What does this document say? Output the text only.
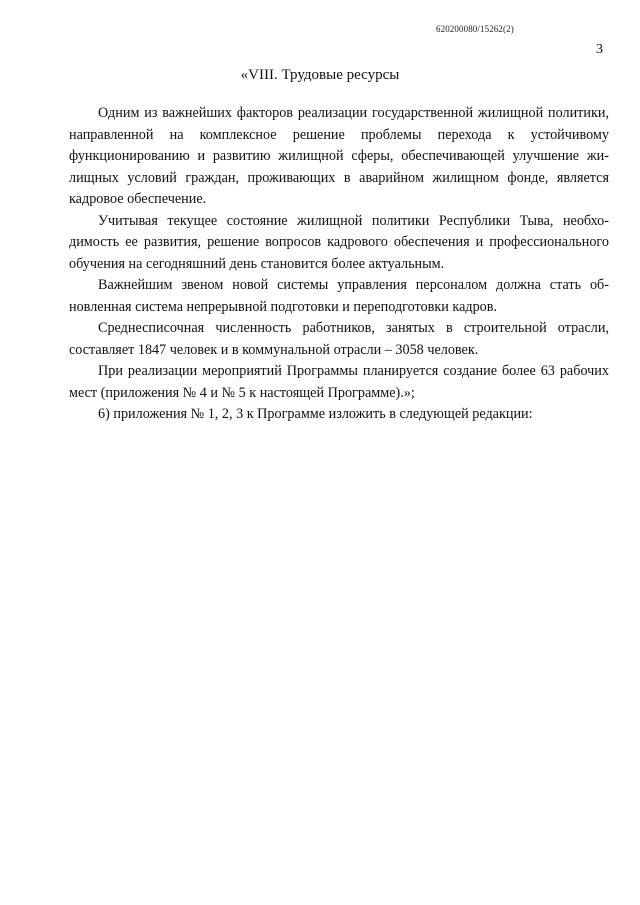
620200080/15262(2)
3
«VIII. Трудовые ресурсы

Одним из важнейших факторов реализации государственной жилищной политики, направленной на комплексное решение проблемы перехода к устойчивому функционированию и развитию жилищной сферы, обеспечивающей улучшение жилищных условий граждан, проживающих в аварийном жилищном фонде, является кадровое обеспечение.

Учитывая текущее состояние жилищной политики Республики Тыва, необходимость ее развития, решение вопросов кадрового обеспечения и профессионального обучения на сегодняшний день становится более актуальным.

Важнейшим звеном новой системы управления персоналом должна стать обновленная система непрерывной подготовки и переподготовки кадров.

Среднесписочная численность работников, занятых в строительной отрасли, составляет 1847 человек и в коммунальной отрасли – 3058 человек.

При реализации мероприятий Программы планируется создание более 63 рабочих мест (приложения № 4 и № 5 к настоящей Программе).»;

6) приложения № 1, 2, 3 к Программе изложить в следующей редакции:
